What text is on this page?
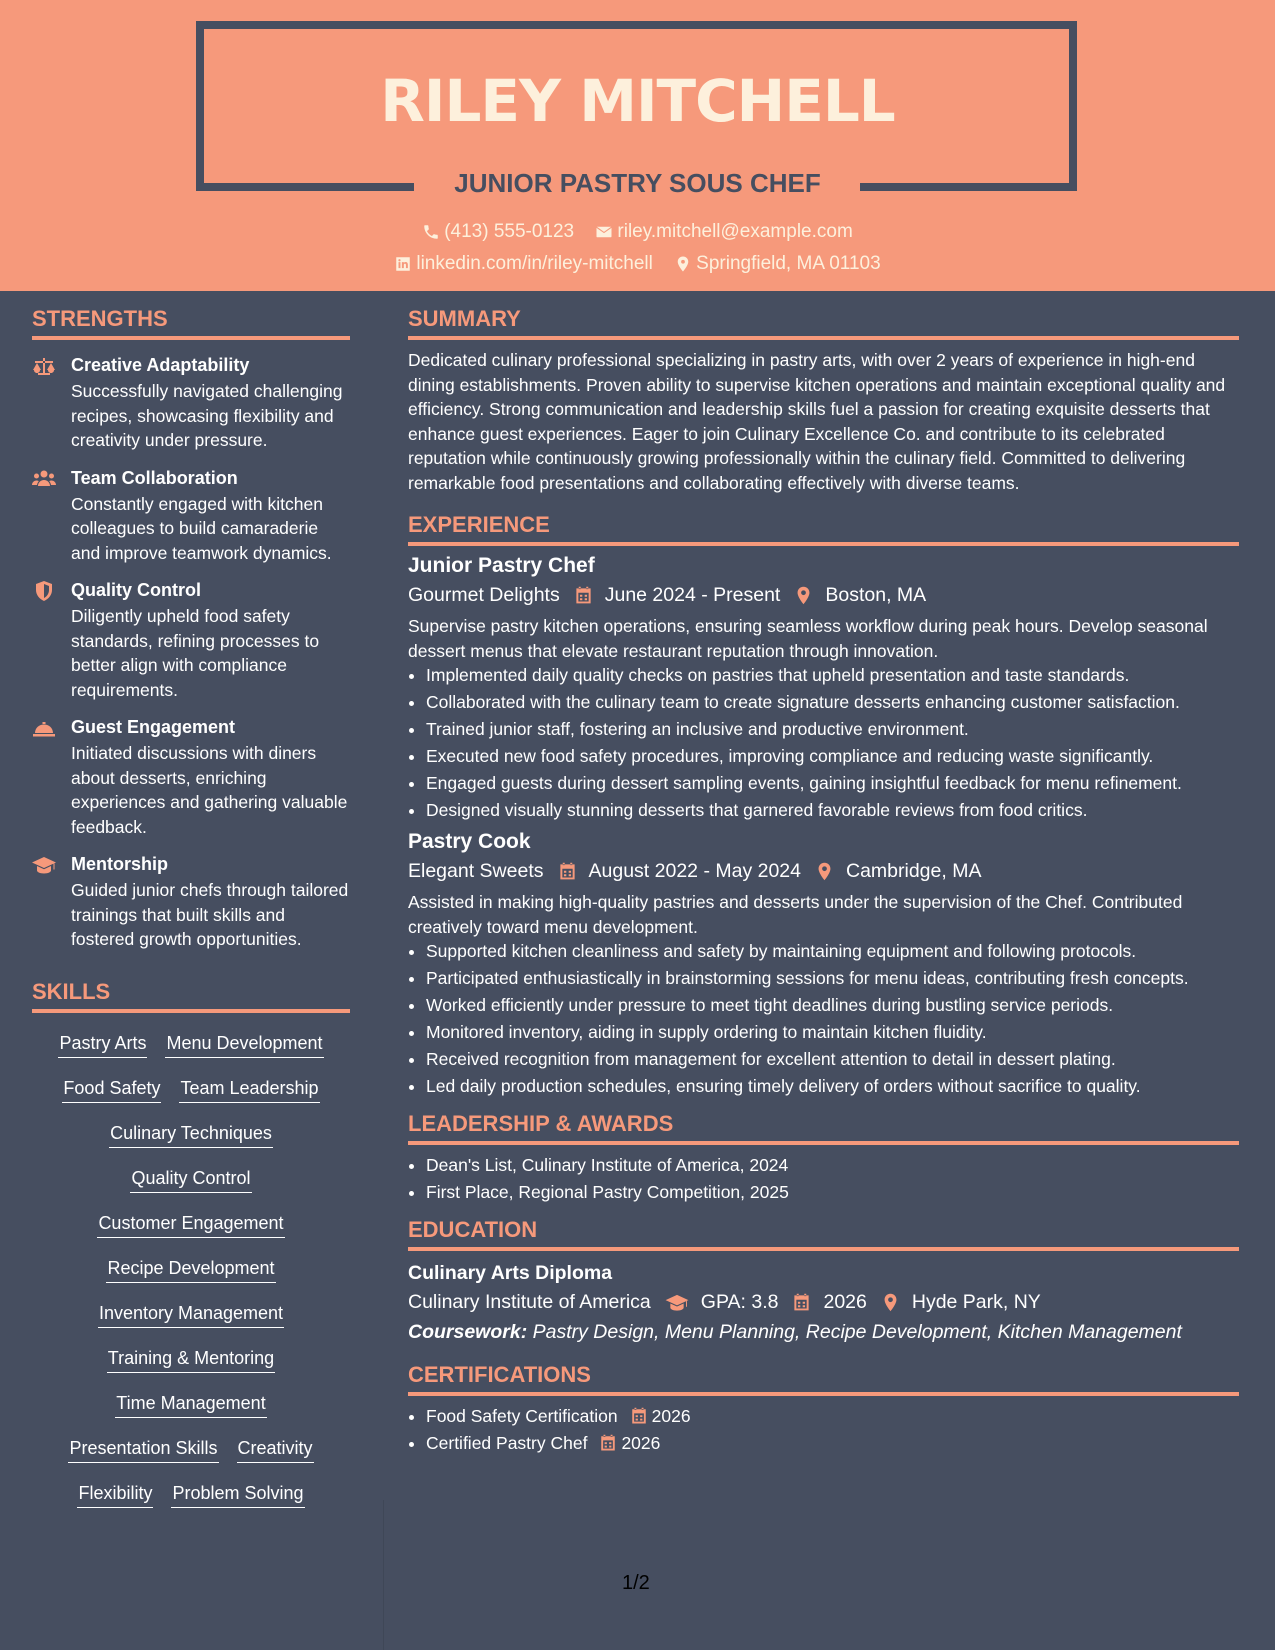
RILEY MITCHELL
JUNIOR PASTRY SOUS CHEF
(413) 555-0123
riley.mitchell@example.com
linkedin.com/in/riley-mitchell
Springfield, MA 01103
STRENGTHS
Creative Adaptability
Successfully navigated challenging recipes, showcasing flexibility and creativity under pressure.
Team Collaboration
Constantly engaged with kitchen colleagues to build camaraderie and improve teamwork dynamics.
Quality Control
Diligently upheld food safety standards, refining processes to better align with compliance requirements.
Guest Engagement
Initiated discussions with diners about desserts, enriching experiences and gathering valuable feedback.
Mentorship
Guided junior chefs through tailored trainings that built skills and fostered growth opportunities.
SKILLS
Pastry Arts Menu Development
Food Safety Team Leadership
Culinary Techniques
Quality Control
Customer Engagement
Recipe Development
Inventory Management
Training & Mentoring
Time Management
Presentation Skills Creativity
Flexibility Problem Solving
SUMMARY

Dedicated culinary professional specializing in pastry arts, with over 2 years of experience in high-end dining establishments. Proven ability to supervise kitchen operations and maintain exceptional quality and efficiency. Strong communication and leadership skills fuel a passion for creating exquisite desserts that enhance guest experiences. Eager to join Culinary Excellence Co. and contribute to its celebrated reputation while continuously growing professionally within the culinary field. Committed to delivering remarkable food presentations and collaborating effectively with diverse teams.

EXPERIENCE
Junior Pastry Chef
Gourmet Delights June 2024 - Present Boston, MA

Supervise pastry kitchen operations, ensuring seamless workflow during peak hours. Develop seasonal dessert menus that elevate restaurant reputation through innovation.

• Implemented daily quality checks on pastries that upheld presentation and taste standards.
• Collaborated with the culinary team to create signature desserts enhancing customer satisfaction.
• Trained junior staff, fostering an inclusive and productive environment.
• Executed new food safety procedures, improving compliance and reducing waste significantly.
• Engaged guests during dessert sampling events, gaining insightful feedback for menu refinement.
• Designed visually stunning desserts that garnered favorable reviews from food critics.
Pastry Cook
Elegant Sweets August 2022 - May 2024 Cambridge, MA

Assisted in making high-quality pastries and desserts under the supervision of the Chef. Contributed creatively toward menu development.

• Supported kitchen cleanliness and safety by maintaining equipment and following protocols.
• Participated enthusiastically in brainstorming sessions for menu ideas, contributing fresh concepts.
• Worked efficiently under pressure to meet tight deadlines during bustling service periods.
• Monitored inventory, aiding in supply ordering to maintain kitchen fluidity.
• Received recognition from management for excellent attention to detail in dessert plating.
• Led daily production schedules, ensuring timely delivery of orders without sacrifice to quality.
LEADERSHIP & AWARDS
• Dean's List, Culinary Institute of America, 2024
• First Place, Regional Pastry Competition, 2025
EDUCATION
Culinary Arts Diploma
Culinary Institute of America	GPA: 3.8 2026 Hyde Park, NY
Coursework: Pastry Design, Menu Planning, Recipe Development, Kitchen Management
CERTIFICATIONS
• Food Safety Certification 2026
• Certified Pastry Chef 2026
1/2
